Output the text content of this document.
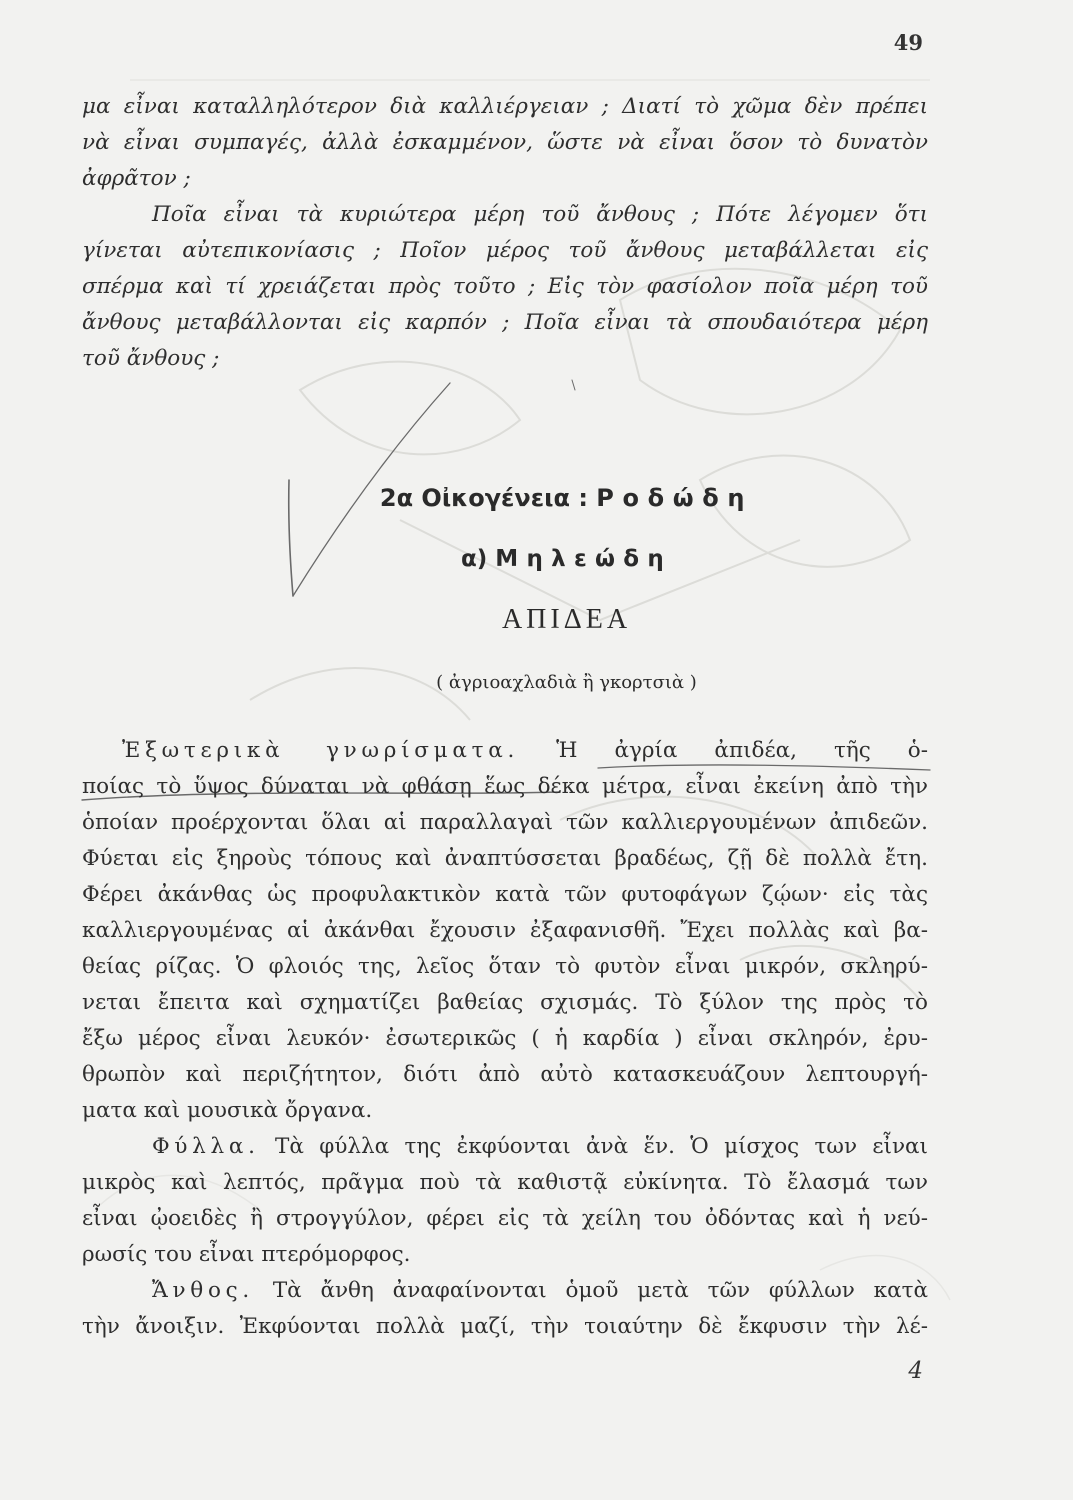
49
μα εἶναι καταλληλότερον διὰ καλλιέργειαν ; Διατί τὸ χῶμα δὲν πρέπει
νὰ εἶναι συμπαγές, ἀλλὰ ἐσκαμμένον, ὥστε νὰ εἶναι ὅσον τὸ δυνατὸν
ἀφρᾶτον ;
Ποῖα εἶναι τὰ κυριώτερα μέρη τοῦ ἄνθους ; Πότε λέγομεν ὅτι
γίνεται αὐτεπικονίασις ; Ποῖον μέρος τοῦ ἄνθους μεταβάλλεται εἰς
σπέρμα καὶ τί χρειάζεται πρὸς τοῦτο ; Εἰς τὸν φασίολον ποῖα μέρη τοῦ
ἄνθους μεταβάλλονται εἰς καρπόν ; Ποῖα εἶναι τὰ σπουδαιότερα μέρη
τοῦ ἄνθους ;
2α Οἰκογένεια : Ροδώδη
α) Μηλεώδη
ΑΠΙΔΕΑ
( ἀγριοαχλαδιὰ ἢ γκορτσιὰ )
Ἐξωτερικὰ γνωρίσματα. Ἡ ἀγρία ἀπιδέα, τῆς ὁ-
ποίας τὸ ὕψος δύναται νὰ φθάσῃ ἕως δέκα μέτρα, εἶναι ἐκείνη ἀπὸ τὴν
ὁποίαν προέρχονται ὅλαι αἱ παραλλαγαὶ τῶν καλλιεργουμένων ἀπιδεῶν.
Φύεται εἰς ξηροὺς τόπους καὶ ἀναπτύσσεται βραδέως, ζῇ δὲ πολλὰ ἔτη.
Φέρει ἀκάνθας ὡς προφυλακτικὸν κατὰ τῶν φυτοφάγων ζῴων· εἰς τὰς
καλλιεργουμένας αἱ ἀκάνθαι ἔχουσιν ἐξαφανισθῆ. Ἔχει πολλὰς καὶ βα-
θείας ρίζας. Ὁ φλοιός της, λεῖος ὅταν τὸ φυτὸν εἶναι μικρόν, σκληρύ-
νεται ἔπειτα καὶ σχηματίζει βαθείας σχισμάς. Τὸ ξύλον της πρὸς τὸ
ἔξω μέρος εἶναι λευκόν· ἐσωτερικῶς ( ἡ καρδία ) εἶναι σκληρόν, ἐρυ-
θρωπὸν καὶ περιζήτητον, διότι ἀπὸ αὐτὸ κατασκευάζουν λεπτουργή-
ματα καὶ μουσικὰ ὄργανα.
Φύλλα. Τὰ φύλλα της ἐκφύονται ἀνὰ ἕν. Ὁ μίσχος των εἶναι
μικρὸς καὶ λεπτός, πρᾶγμα ποὺ τὰ καθιστᾷ εὐκίνητα. Τὸ ἔλασμά των
εἶναι ᾠοειδὲς ἢ στρογγύλον, φέρει εἰς τὰ χείλη του ὀδόντας καὶ ἡ νεύ-
ρωσίς του εἶναι πτερόμορφος.
Ἄνθος. Τὰ ἄνθη ἀναφαίνονται ὁμοῦ μετὰ τῶν φύλλων κατὰ
τὴν ἄνοιξιν. Ἐκφύονται πολλὰ μαζί, τὴν τοιαύτην δὲ ἔκφυσιν τὴν λέ-
4
